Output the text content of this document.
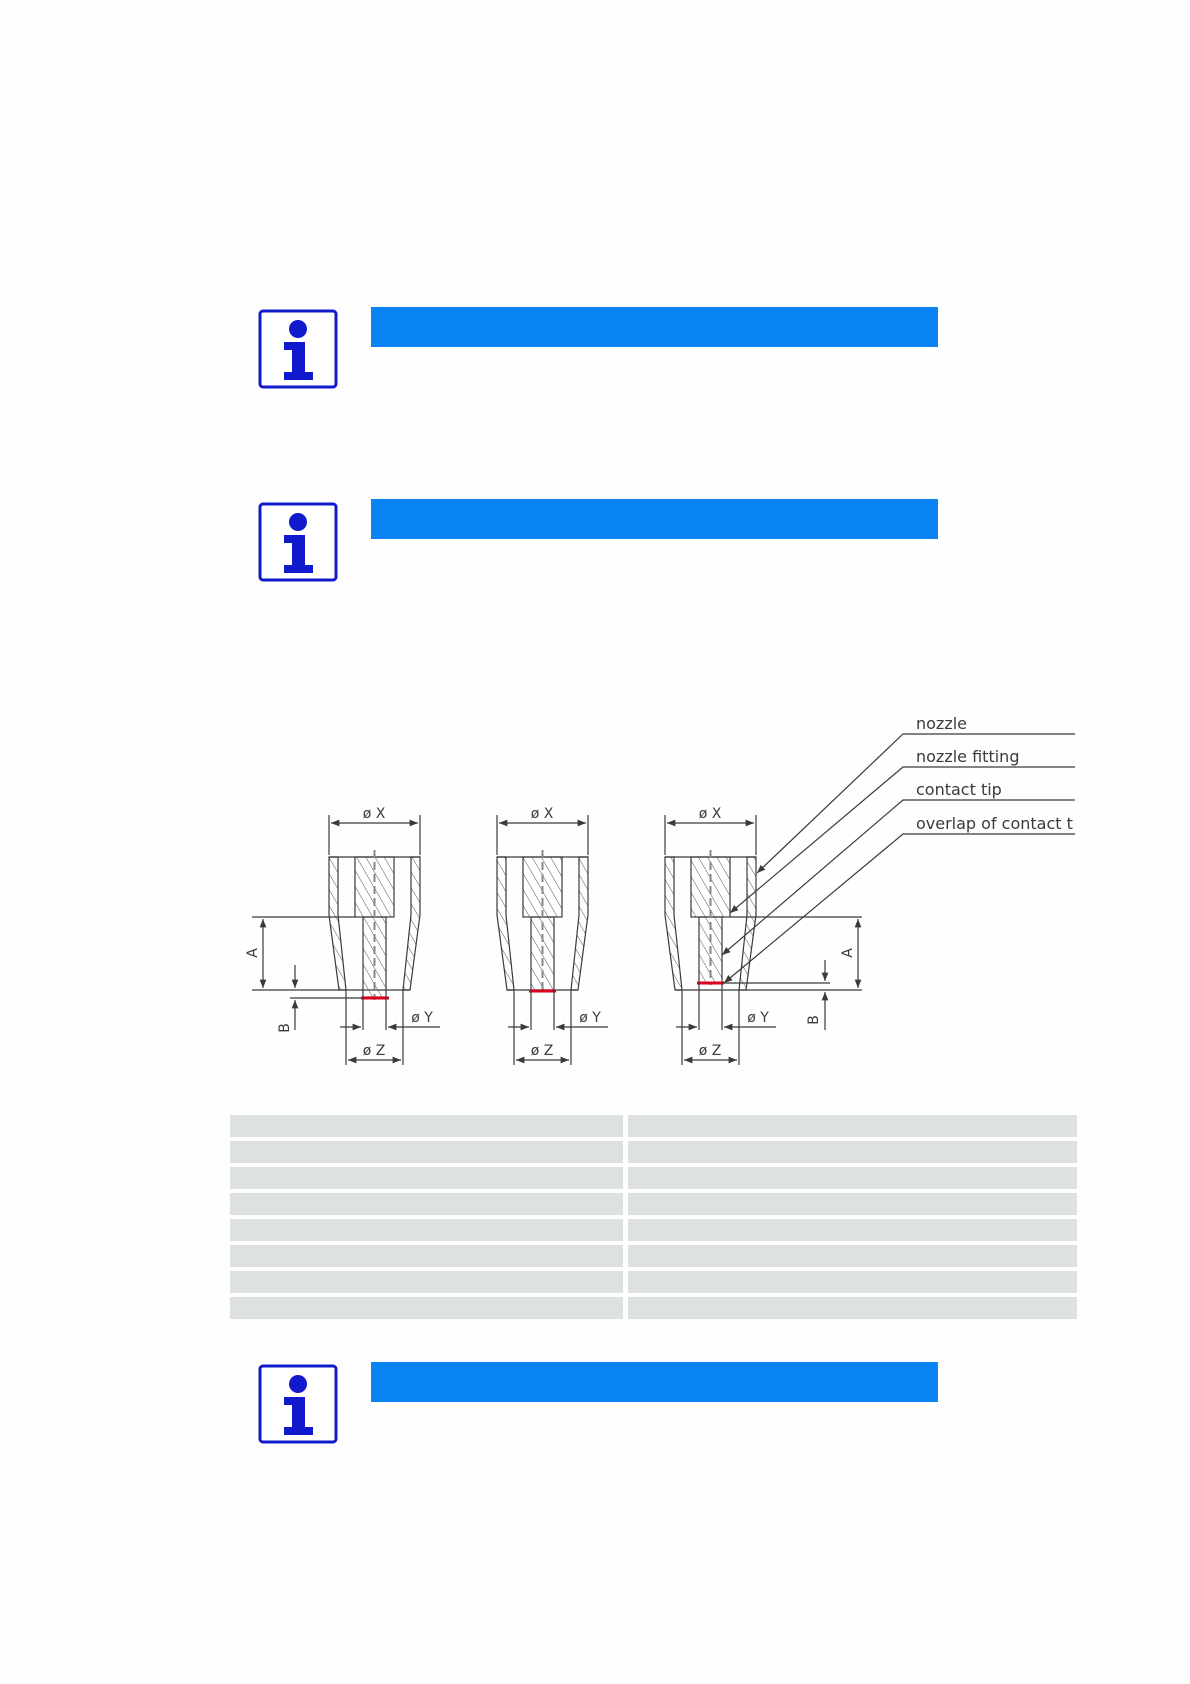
nozzle
nozzle fitting
contact tip
overlap of contact t
ø X	ø X	ø X
ø Y	ø Y	ø Y
ø Z	ø Z	ø Z
A	A
B
B
